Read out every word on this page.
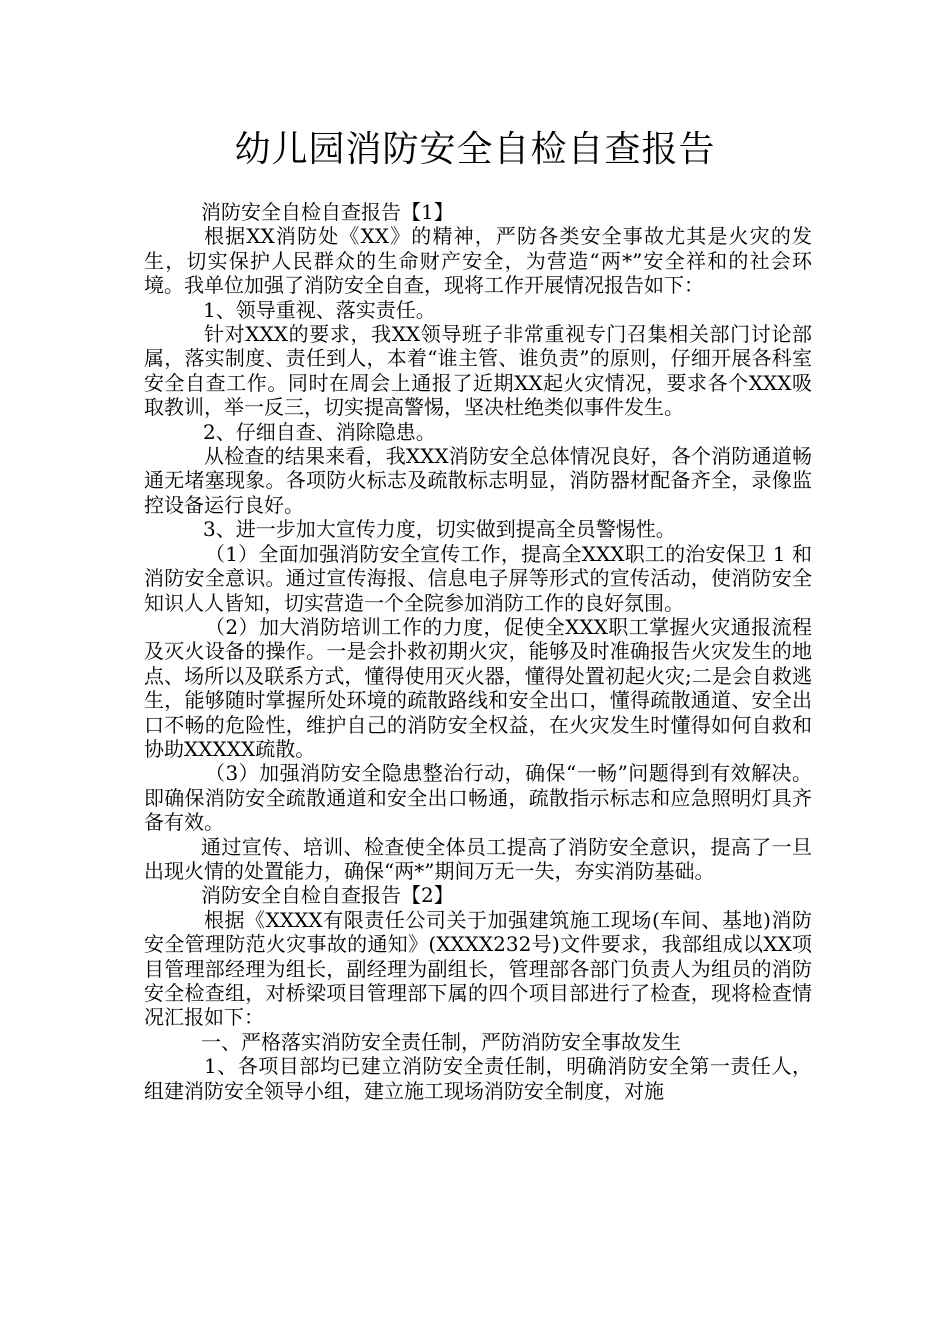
幼儿园消防安全自检自查报告

消防安全自检自查报告【1】

根据XX消防处《XX》的精神，严防各类安全事故尤其是火灾的发生，切实保护人民群众的生命财产安全，为营造“两*”安全祥和的社会环境。我单位加强了消防安全自查，现将工作开展情况报告如下：

1、领导重视、落实责任。

针对XXX的要求，我XX领导班子非常重视专门召集相关部门讨论部属，落实制度、责任到人，本着“谁主管、谁负责”的原则，仔细开展各科室安全自查工作。同时在周会上通报了近期XX起火灾情况，要求各个XXX吸取教训，举一反三，切实提高警惕，坚决杜绝类似事件发生。

2、仔细自查、消除隐患。

从检查的结果来看，我XXX消防安全总体情况良好，各个消防通道畅通无堵塞现象。各项防火标志及疏散标志明显，消防器材配备齐全，录像监控设备运行良好。

3、进一步加大宣传力度，切实做到提高全员警惕性。

（1）全面加强消防安全宣传工作，提高全XXX职工的治安保卫 1 和消防安全意识。通过宣传海报、信息电子屏等形式的宣传活动，使消防安全知识人人皆知，切实营造一个全院参加消防工作的良好氛围。

（2）加大消防培训工作的力度，促使全XXX职工掌握火灾通报流程及灭火设备的操作。一是会扑救初期火灾，能够及时准确报告火灾发生的地点、场所以及联系方式，懂得使用灭火器，懂得处置初起火灾;二是会自救逃生，能够随时掌握所处环境的疏散路线和安全出口，懂得疏散通道、安全出口不畅的危险性，维护自己的消防安全权益，在火灾发生时懂得如何自救和协助XXXXX疏散。

（3）加强消防安全隐患整治行动，确保“一畅”问题得到有效解决。即确保消防安全疏散通道和安全出口畅通，疏散指示标志和应急照明灯具齐备有效。

通过宣传、培训、检查使全体员工提高了消防安全意识，提高了一旦出现火情的处置能力，确保“两*”期间万无一失，夯实消防基础。

消防安全自检自查报告【2】

根据《XXXX有限责任公司关于加强建筑施工现场(车间、基地)消防安全管理防范火灾事故的通知》(XXXX232号)文件要求，我部组成以XX项目管理部经理为组长，副经理为副组长，管理部各部门负责人为组员的消防安全检查组，对桥梁项目管理部下属的四个项目部进行了检查，现将检查情况汇报如下：

一、严格落实消防安全责任制，严防消防安全事故发生

1、各项目部均已建立消防安全责任制，明确消防安全第一责任人，组建消防安全领导小组，建立施工现场消防安全制度，对施
